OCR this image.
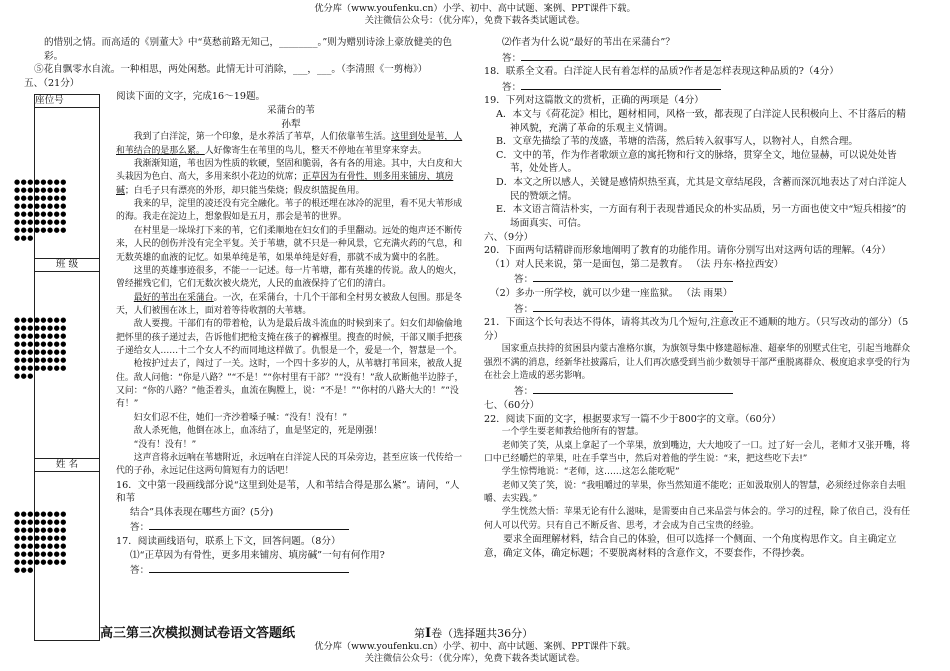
优分库（www.youfenku.cn）小学、初中、高中试题、案例、PPT课件下载。
关注微信公众号：（优分库），免费下载各类试题试卷。
座位号
●●●●●●●●●●●●●●●●●●●●●●●●●●●●●●●●●●●●●●●●●●●●●●●●●●●●●●●●●●●
班 级
●●●●●●●●●●●●●●●●●●●●●●●●●●●●●●●●●●●●●●●●●●●●●●●●●●●●●●●●●●●
姓 名
●●●●●●●●●●●●●●●●●●●●●●●●●●●●●●●●●●●●●●●●●●●●●●●●●●●●●●●●●●●

的惜别之情。而高适的《别董大》中“莫愁前路无知己，________。”则为赠别诗涂上豪放健美的色

彩。

⑤花自飘零水自流。一种相思，两处闲愁。此情无计可消除，___，___。（李清照《一剪梅》）

五、（21分）

阅读下面的文字，完成16～19题。

采蒲台的苇

孙犁

我到了白洋淀，第一个印象，是水养活了苇草，人们依靠苇生活。这里到处是苇，人和苇结合的是那么紧。人好像寄生在苇里的鸟儿，整天不停地在苇里穿来穿去。

我渐渐知道，苇也因为性质的软硬，坚固和脆弱，各有各的用途。其中，大白皮和大头栽因为色白、高大，多用来织小花边的炕席；正草因为有骨性，则多用来铺房、填房碱；白毛子只有漂亮的外形，却只能当柴烧；假皮织篮捉鱼用。

我来的早，淀里的凌还没有完全融化。苇子的根还埋在冰冷的泥里，看不见大苇形成的海。我走在淀边上，想象假如是五月，那会是苇的世界。

在村里是一垛垛打下来的苇，它们柔顺地在妇女们的手里翻动。远处的炮声还不断传来，人民的创伤并没有完全平复。关于苇塘，就不只是一种风景，它充满火药的气息，和无数英雄的血液的记忆。如果单纯是苇，如果单纯是好看，那就不成为冀中的名胜。

这里的英雄事迹很多，不能一一记述。每一片苇塘，都有英雄的传说。敌人的炮火，曾经摧残它们，它们无数次被火烧光，人民的血液保持了它们的清白。

最好的苇出在采蒲台。一次，在采蒲台，十几个干部和全村男女被敌人包围。那是冬天，人们被围在冰上，面对着等待收割的大苇塘。

敌人要搜。干部们有的带着枪，认为是最后战斗流血的时候到来了。妇女们却偷偷地把怀里的孩子递过去，告诉他们把枪支掩在孩子的褯褓里。搜查的时候，干部又顺手把孩子递给女人……十二个女人不约而同地这样做了。仇恨是一个，爱是一个，智慧是一个。

枪按护过去了，闯过了一关。这时，一个四十多岁的人，从苇塘打苇回来，被敌人捉住。敌人问他：“你是八路？”“不是！”“你村里有干部？”“没有！”敌人砍断他半边脖子，又问：“你的八路？”他歪着头，血流在胸膛上，说：“不是！”“你村的八路大大的！”“没有！”

妇女们忍不住，她们一齐沙着嗓子喊：“没有！没有！”

敌人杀死他，他倒在冰上，血冻结了，血是坚定的，死是刚强！

“没有！没有！”

这声音将永远响在苇塘附近，永远响在白洋淀人民的耳朵旁边，甚至应该一代传给一代的子孙，永远记住这两句简短有力的话吧！

16．文中第一段画线部分说“这里到处是苇，人和苇结合得是那么紧”。请问，“人和苇

结合”具体表现在哪些方面？(5分)

答：

17．阅读画线语句，联系上下文，回答问题。（8分）

⑴“正草因为有骨性，更多用来铺房、填房碱”一句有何作用?

答：

⑵作者为什么说“最好的苇出在采蒲台”？

答：

18．联系全文看。白洋淀人民有着怎样的品质?作者是怎样表现这种品质的?（4分）

答：

19．下列对这篇散文的赏析，正确的两项是（4分）

A．本文与《荷花淀》相比，题材相同，风格一致，都表现了白洋淀人民积极向上、不甘落后的精神风貌，充满了革命的乐观主义情调。

B．文章先描绘了苇的茂盛，苇塘的浩荡，然后转入叙事写人，以物衬人，自然合理。

C．文中的苇，作为作者歌颂立意的寓托物和行文的脉络，贯穿全文，地位显赫，可以说处处皆苇，处处皆人。

D．本文之所以感人，关键是感情炽热至真，尤其是文章结尾段，含蓄而深沉地表达了对白洋淀人民的赞颂之情。

E．本文语言简洁朴实，一方面有利于表现普通民众的朴实品质，另一方面也使文中“短兵相接”的场面真实、可信。

六、（9分）

20．下面两句话精辟而形象地阐明了教育的功能作用。请你分别写出对这两句话的理解。（4分）

（1）对人民来说，第一是面包，第二是教育。 （法 丹东·格拉西安）

答：

（2）多办一所学校，就可以少建一座监狱。 （法 雨果）

答：

21．下面这个长句表达不得体，请将其改为几个短句,注意改正不通顺的地方。（只写改动的部分）（5分）

国家重点扶持的贫困县内蒙古准格尔旗，为旗领导集中修建超标准、超豪华的别墅式住宅，引起当地群众强烈不满的消息，经新华社披露后，让人们再次感受到当前少数领导干部严重脱离群众、极度追求享受的行为在社会上造成的恶劣影响。

答：

七、（60分）

22．阅读下面的文字，根据要求写一篇不少于800字的文章。（60分）

一个学生要老师教给他所有的智慧。

老师笑了笑，从桌上拿起了一个苹果，放到嘴边，大大地咬了一口。过了好一会儿，老师才又张开嘴，将口中已经嚼烂的苹果，吐在手掌当中，然后对着他的学生说：“来，把这些吃下去!”

学生惊愕地说：“老师，这……这怎么能吃呢”

老师又笑了笑，说：“我咀嚼过的苹果，你当然知道不能吃；正如汲取别人的智慧，必须经过你亲自去咀嚼、去实践。”

学生恍然大悟：苹果无论有什么滋味，是需要由自己来品尝与体会的。学习的过程，除了依自己，没有任何人可以代劳。只有自己不断反省、思考，才会成为自己宝贵的经验。

要求全面理解材料，结合自己的体验，但可以选择一个侧面、一个角度构思作文。自主确定立意，确定文体，确定标题；不要脱离材料的含意作文，不要套作，不得抄袭。

高三第三次模拟测试卷语文答题纸	第Ⅰ卷（选择题共36分）
优分库（www.youfenku.cn）小学、初中、高中试题、案例、PPT课件下载。
关注微信公众号：（优分库），免费下载各类试题试卷。
